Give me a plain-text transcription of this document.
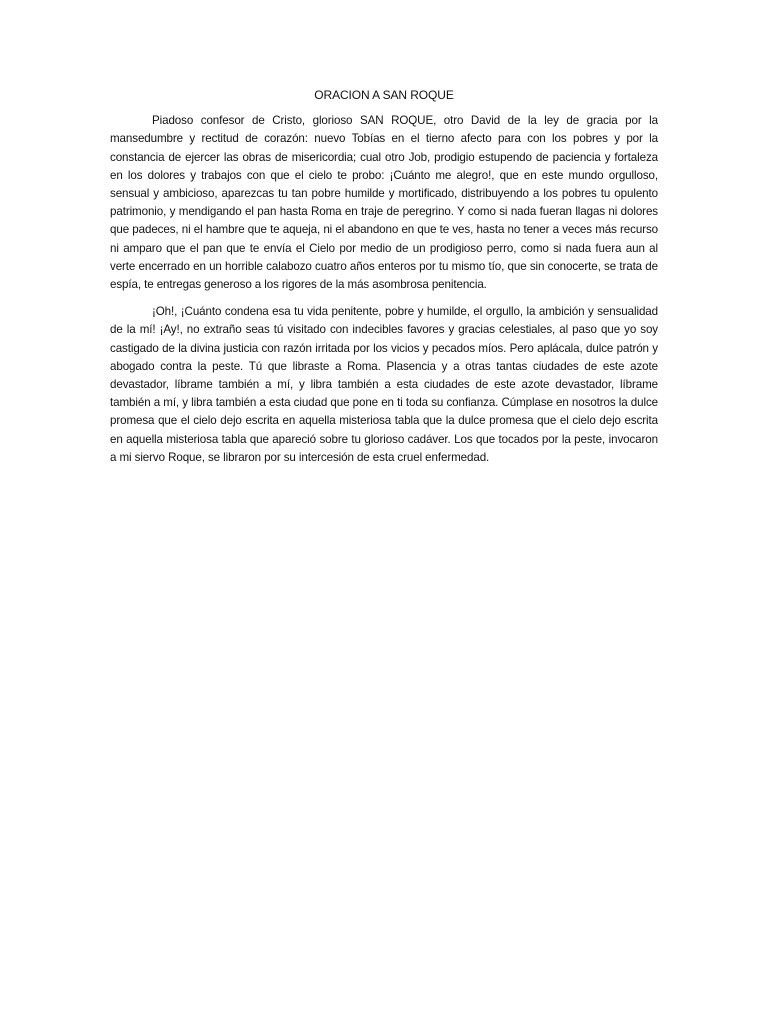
ORACION A SAN ROQUE

Piadoso confesor de Cristo, glorioso SAN ROQUE, otro David de la ley de gracia por la mansedumbre y rectitud de corazón: nuevo Tobías en el tierno afecto para con los pobres y por la constancia de ejercer las obras de misericordia; cual otro Job, prodigio estupendo de paciencia y fortaleza en los dolores y trabajos con que el cielo te probo: ¡Cuánto me alegro!, que en este mundo orgulloso, sensual y ambicioso, aparezcas tu tan pobre humilde y mortificado, distribuyendo a los pobres tu opulento patrimonio, y mendigando el pan hasta Roma en traje de peregrino. Y como si nada fueran llagas ni dolores que padeces, ni el hambre que te aqueja, ni el abandono en que te ves, hasta no tener a veces más recurso ni amparo que el pan que te envía el Cielo por medio de un prodigioso perro, como si nada fuera aun al verte encerrado en un horrible calabozo cuatro años enteros por tu mismo tío, que sin conocerte, se trata de espía, te entregas generoso a los rigores de la más asombrosa penitencia.

¡Oh!, ¡Cuánto condena esa tu vida penitente, pobre y humilde, el orgullo, la ambición y sensualidad de la mí! ¡Ay!, no extraño seas tú visitado con indecibles favores y gracias celestiales, al paso que yo soy castigado de la divina justicia con razón irritada por los vicios y pecados míos. Pero aplácala, dulce patrón y abogado contra la peste. Tú que libraste a Roma. Plasencia y a otras tantas ciudades de este azote devastador, líbrame también a mí, y libra también a esta ciudades de este azote devastador, líbrame también a mí, y libra también a esta ciudad que pone en ti toda su confianza. Cúmplase en nosotros la dulce promesa que el cielo dejo escrita en aquella misteriosa tabla que la dulce promesa que el cielo dejo escrita en aquella misteriosa tabla que apareció sobre tu glorioso cadáver. Los que tocados por la peste, invocaron a mi siervo Roque, se libraron por su intercesión de esta cruel enfermedad.
